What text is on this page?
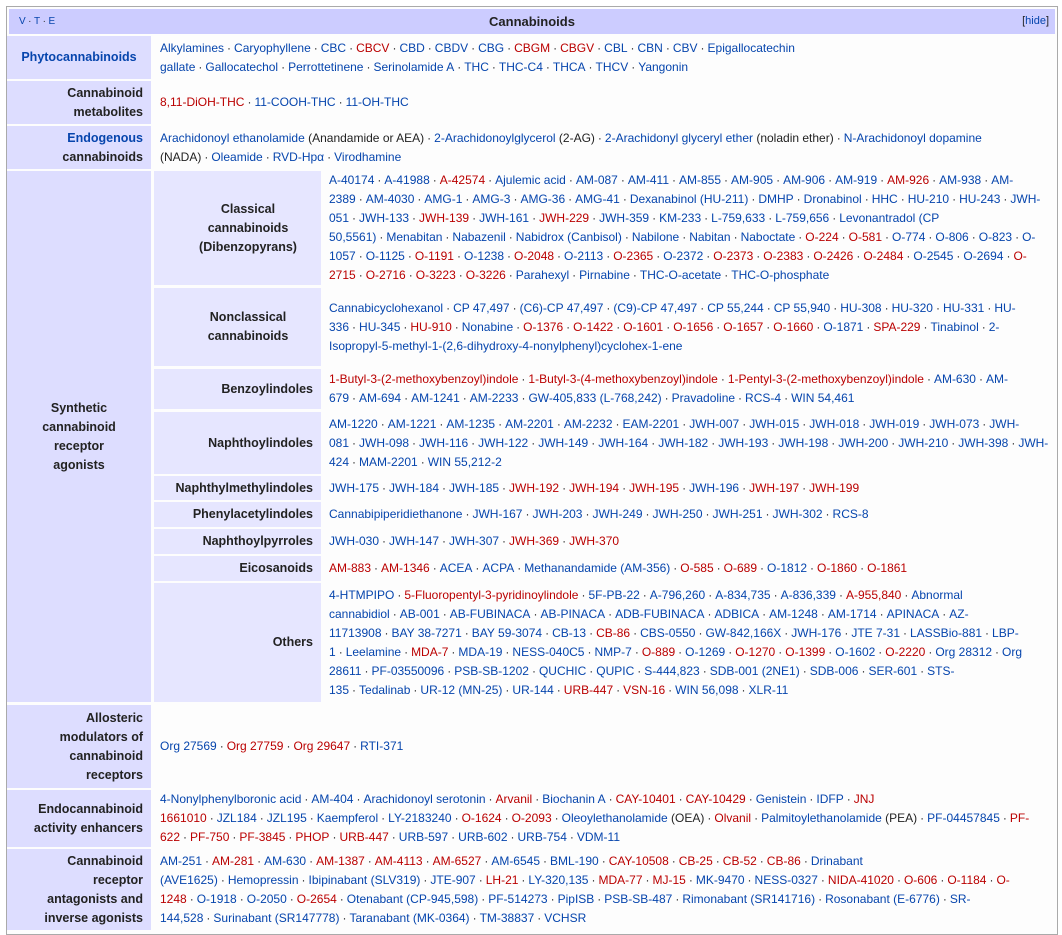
V · T · E	Cannabinoids	[hide]
Phytocannabinoids
Alkylamines · Caryophyllene · CBC · CBCV · CBD · CBDV · CBG · CBGM · CBGV · CBL · CBN · CBV · Epigallocatechin gallate · Gallocatechol · Perrottetinene · Serinolamide A · THC · THC-C4 · THCA · THCV · Yangonin
Cannabinoid metabolites
8,11-DiOH-THC · 11-COOH-THC · 11-OH-THC
Endogenous
cannabinoids
Arachidonoyl ethanolamide (Anandamide or AEA) · 2-Arachidonoylglycerol (2-AG) · 2-Arachidonyl glyceryl ether (noladin ether) · N-Arachidonoyl dopamine (NADA) · Oleamide · RVD-Hpα · Virodhamine
Synthetic cannabinoid receptor agonists
Classical cannabinoids (Dibenzopyrans)
A-40174 · A-41988 · A-42574 · Ajulemic acid · AM-087 · AM-411 · AM-855 · AM-905 · AM-906 · AM-919 · AM-926 · AM-938 · AM-2389 · AM-4030 · AMG-1 · AMG-3 · AMG-36 · AMG-41 · Dexanabinol (HU-211) · DMHP · Dronabinol · HHC · HU-210 · HU-243 · JWH-051 · JWH-133 · JWH-139 · JWH-161 · JWH-229 · JWH-359 · KM-233 · L-759,633 · L-759,656 · Levonantradol (CP 50,5561) · Menabitan · Nabazenil · Nabidrox (Canbisol) · Nabilone · Nabitan · Naboctate · O-224 · O-581 · O-774 · O-806 · O-823 · O-1057 · O-1125 · O-1191 · O-1238 · O-2048 · O-2113 · O-2365 · O-2372 · O-2373 · O-2383 · O-2426 · O-2484 · O-2545 · O-2694 · O-2715 · O-2716 · O-3223 · O-3226 · Parahexyl · Pirnabine · THC-O-acetate · THC-O-phosphate
Nonclassical cannabinoids
Cannabicyclohexanol · CP 47,497 · (C6)-CP 47,497 · (C9)-CP 47,497 · CP 55,244 · CP 55,940 · HU-308 · HU-320 · HU-331 · HU-336 · HU-345 · HU-910 · Nonabine · O-1376 · O-1422 · O-1601 · O-1656 · O-1657 · O-1660 · O-1871 · SPA-229 · Tinabinol · 2-Isopropyl-5-methyl-1-(2,6-dihydroxy-4-nonylphenyl)cyclohex-1-ene
Benzoylindoles
1-Butyl-3-(2-methoxybenzoyl)indole · 1-Butyl-3-(4-methoxybenzoyl)indole · 1-Pentyl-3-(2-methoxybenzoyl)indole · AM-630 · AM-679 · AM-694 · AM-1241 · AM-2233 · GW-405,833 (L-768,242) · Pravadoline · RCS-4 · WIN 54,461
Naphthoylindoles
AM-1220 · AM-1221 · AM-1235 · AM-2201 · AM-2232 · EAM-2201 · JWH-007 · JWH-015 · JWH-018 · JWH-019 · JWH-073 · JWH-081 · JWH-098 · JWH-116 · JWH-122 · JWH-149 · JWH-164 · JWH-182 · JWH-193 · JWH-198 · JWH-200 · JWH-210 · JWH-398 · JWH-424 · MAM-2201 · WIN 55,212-2
Naphthylmethylindoles JWH-175 · JWH-184 · JWH-185 · JWH-192 · JWH-194 · JWH-195 · JWH-196 · JWH-197 · JWH-199
Phenylacetylindoles Cannabipiperidiethanone · JWH-167 · JWH-203 · JWH-249 · JWH-250 · JWH-251 · JWH-302 · RCS-8
Naphthoylpyrroles JWH-030 · JWH-147 · JWH-307 · JWH-369 · JWH-370
Eicosanoids AM-883 · AM-1346 · ACEA · ACPA · Methanandamide (AM-356) · O-585 · O-689 · O-1812 · O-1860 · O-1861
Others
4-HTMPIPO · 5-Fluoropentyl-3-pyridinoylindole · 5F-PB-22 · A-796,260 · A-834,735 · A-836,339 · A-955,840 · Abnormal cannabidiol · AB-001 · AB-FUBINACA · AB-PINACA · ADB-FUBINACA · ADBICA · AM-1248 · AM-1714 · APINACA · AZ-11713908 · BAY 38-7271 · BAY 59-3074 · CB-13 · CB-86 · CBS-0550 · GW-842,166X · JWH-176 · JTE 7-31 · LASSBio-881 · LBP-1 · Leelamine · MDA-7 · MDA-19 · NESS-040C5 · NMP-7 · O-889 · O-1269 · O-1270 · O-1399 · O-1602 · O-2220 · Org 28312 · Org 28611 · PF-03550096 · PSB-SB-1202 · QUCHIC · QUPIC · S-444,823 · SDB-001 (2NE1) · SDB-006 · SER-601 · STS-135 · Tedalinab · UR-12 (MN-25) · UR-144 · URB-447 · VSN-16 · WIN 56,098 · XLR-11
Allosteric modulators of cannabinoid receptors
Org 27569 · Org 27759 · Org 29647 · RTI-371
Endocannabinoid activity enhancers
4-Nonylphenylboronic acid · AM-404 · Arachidonoyl serotonin · Arvanil · Biochanin A · CAY-10401 · CAY-10429 · Genistein · IDFP · JNJ 1661010 · JZL184 · JZL195 · Kaempferol · LY-2183240 · O-1624 · O-2093 · Oleoylethanolamide (OEA) · Olvanil · Palmitoylethanolamide (PEA) · PF-04457845 · PF-622 · PF-750 · PF-3845 · PHOP · URB-447 · URB-597 · URB-602 · URB-754 · VDM-11
Cannabinoid receptor antagonists and inverse agonists
AM-251 · AM-281 · AM-630 · AM-1387 · AM-4113 · AM-6527 · AM-6545 · BML-190 · CAY-10508 · CB-25 · CB-52 · CB-86 · Drinabant (AVE1625) · Hemopressin · Ibipinabant (SLV319) · JTE-907 · LH-21 · LY-320,135 · MDA-77 · MJ-15 · MK-9470 · NESS-0327 · NIDA-41020 · O-606 · O-1184 · O-1248 · O-1918 · O-2050 · O-2654 · Otenabant (CP-945,598) · PF-514273 · PipISB · PSB-SB-487 · Rimonabant (SR141716) · Rosonabant (E-6776) · SR-144,528 · Surinabant (SR147778) · Taranabant (MK-0364) · TM-38837 · VCHSR
